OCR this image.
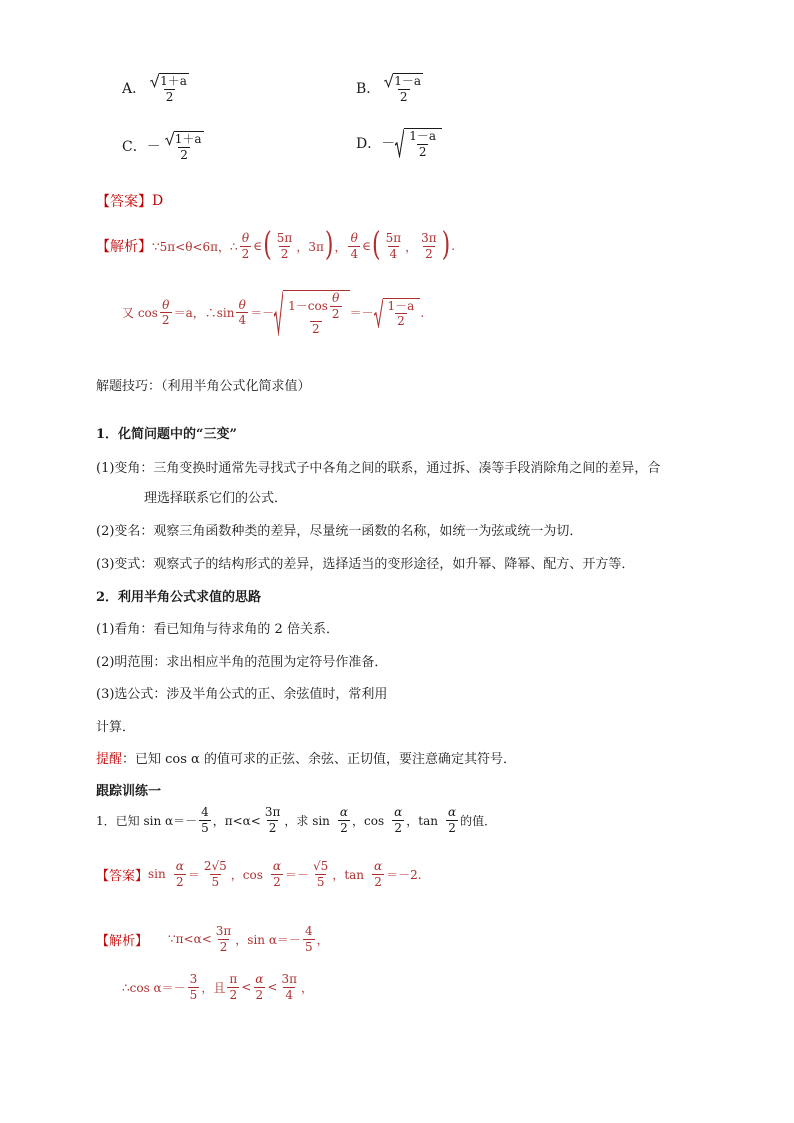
A． $\frac{1+a}{2}$	B． $\frac{1-a}{2}$
C．－ $\frac{1+a}{2}$	D．－ $\frac{1-a}{2}$
【答案】 D
【解析】 ∵5π<θ<6π，∴ $\frac{\theta}{2}$ ∈ ( $\frac{5\pi}{2}$ ，3π ) ， $\frac{\theta}{4}$ ∈ ( $\frac{5\pi}{4}$ ， $\frac{3\pi}{2}$ ) .
又 $\cos \frac{\theta}{2} =a$，∴sin $\frac{\theta}{4} =- \frac{1-\cos \frac{\theta}{2}}{2} =- \frac{1-a}{2}$ .
解题技巧：（利用半角公式化简求值）
1．化简问题中的“三变”
(1)变角：三角变换时通常先寻找式子中各角之间的联系，通过拆、凑等手段消除角之间的差异，合
理选择联系它们的公式．
(2)变名：观察三角函数种类的差异，尽量统一函数的名称，如统一为弦或统一为切．
(3)变式：观察式子的结构形式的差异，选择适当的变形途径，如升幂、降幂、配方、开方等．
2．利用半角公式求值的思路
(1)看角：看已知角与待求角的 2 倍关系．
(2)明范围：求出相应半角的范围为定符号作准备．
(3)选公式：涉及半角公式的正、余弦值时，常利用
计算．
提醒 ：已知 cos α 的值可求的正弦、余弦、正切值，要注意确定其符号．
跟踪训练一
1．已知 $\sin \alpha=- \frac{4}{5}$ ，$\pi<\alpha< \frac{3\pi}{2}$ ，求 $\sin \frac{\alpha}{2}$ ，$\cos \frac{\alpha}{2}$ ，$\tan \frac{\alpha}{2}$ 的值．
【答案】 $\sin \frac{\alpha}{2} = \frac{2√5}{5}$ ，$\cos \frac{\alpha}{2} =- \frac{√5}{5}$ ，$\tan \frac{\alpha}{2} =-2$.
【解析】 ∵π<α< $\frac{3\pi}{2}$ ，$\sin \alpha=- \frac{4}{5}$ ，
∴cos $\alpha=- \frac{3}{5}$ ，且 $\frac{\pi}{2} < \frac{\alpha}{2} < \frac{3\pi}{4}$ ，
